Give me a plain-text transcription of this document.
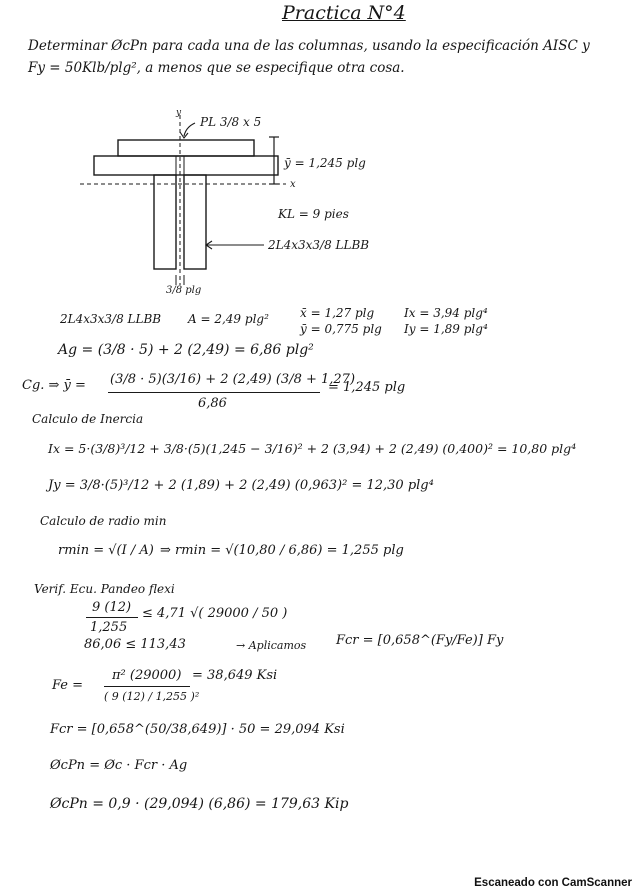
Practica N°4
Determinar ØcPn para cada una de las columnas, usando la especificación AISC y
Fy = 50Klb/plg², a menos que se especifique otra cosa.
y
x
PL 3/8 x 5
ȳ = 1,245 plg
KL = 9 pies
2L4x3x3/8 LLBB
3/8 plg
2L4x3x3/8 LLBB A = 2,49 plg²	x̄ = 1,27 plg
ȳ = 0,775 plg
Ix = 3,94 plg⁴
Iy = 1,89 plg⁴
Ag = (3/8 · 5) + 2 (2,49) = 6,86 plg²
Cg. ⇒ ȳ = (3/8 · 5)(3/16) + 2 (2,49) (3/8 + 1,27)
6,86
= 1,245 plg
Calculo de Inercia
Ix = 5·(3/8)³/12 + 3/8·(5)(1,245 − 3/16)² + 2 (3,94) + 2 (2,49) (0,400)² = 10,80 plg⁴
Jy = 3/8·(5)³/12 + 2 (1,89) + 2 (2,49) (0,963)² = 12,30 plg⁴
Calculo de radio min
rmin = √(I / A) ⇒ rmin = √(10,80 / 6,86) = 1,255 plg
Verif. Ecu. Pandeo flexi
9 (12)
1,255
≤ 4,71 √( 29000 / 50 )
86,06 ≤ 113,43	→ Aplicamos Fcr = [0,658^(Fy/Fe)] Fy
Fe =
π² (29000)
( 9 (12) / 1,255 )²
= 38,649 Ksi
Fcr = [0,658^(50/38,649)] · 50 = 29,094 Ksi
ØcPn = Øc · Fcr · Ag
ØcPn = 0,9 · (29,094) (6,86) = 179,63 Kip
Escaneado con CamScanner
